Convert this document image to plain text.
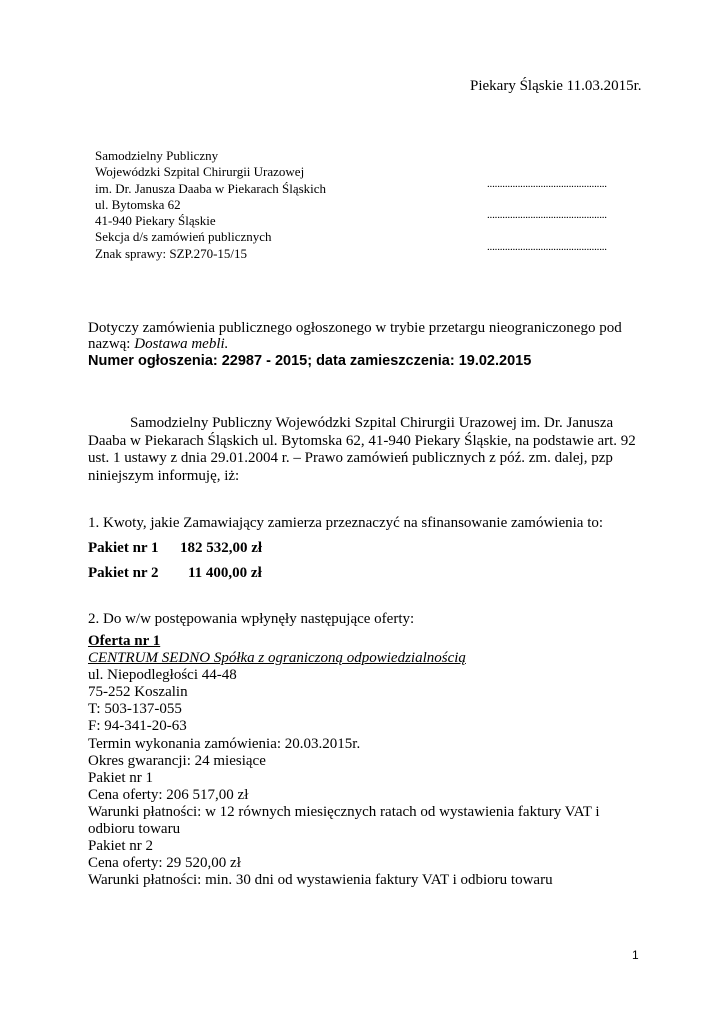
Piekary Śląskie 11.03.2015r.
Samodzielny Publiczny
Wojewódzki Szpital Chirurgii Urazowej
im. Dr. Janusza Daaba w Piekarach Śląskich
ul. Bytomska 62
41-940 Piekary Śląskie
Sekcja d/s zamówień publicznych
Znak sprawy: SZP.270-15/15
...............................................
...............................................
...............................................
Dotyczy zamówienia publicznego ogłoszonego w trybie przetargu nieograniczonego pod
nazwą: Dostawa mebli.
Numer ogłoszenia: 22987 - 2015; data zamieszczenia: 19.02.2015
Samodzielny Publiczny Wojewódzki Szpital Chirurgii Urazowej im. Dr. Janusza
Daaba w Piekarach Śląskich ul. Bytomska 62, 41-940 Piekary Śląskie, na podstawie art. 92
ust. 1 ustawy z dnia 29.01.2004 r. – Prawo zamówień publicznych z póź. zm. dalej, pzp
niniejszym informuję, iż:
1. Kwoty, jakie Zamawiający zamierza przeznaczyć na sfinansowanie zamówienia to:
Pakiet nr 1 182 532,00 zł
Pakiet nr 2 11 400,00 zł
2. Do w/w postępowania wpłynęły następujące oferty:
Oferta nr 1
CENTRUM SEDNO Spółka z ograniczoną odpowiedzialnością
ul. Niepodległości 44-48
75-252 Koszalin
T: 503-137-055
F: 94-341-20-63
Termin wykonania zamówienia: 20.03.2015r.
Okres gwarancji: 24 miesiące
Pakiet nr 1
Cena oferty: 206 517,00 zł
Warunki płatności: w 12 równych miesięcznych ratach od wystawienia faktury VAT i
odbioru towaru
Pakiet nr 2
Cena oferty: 29 520,00 zł
Warunki płatności: min. 30 dni od wystawienia faktury VAT i odbioru towaru
1
